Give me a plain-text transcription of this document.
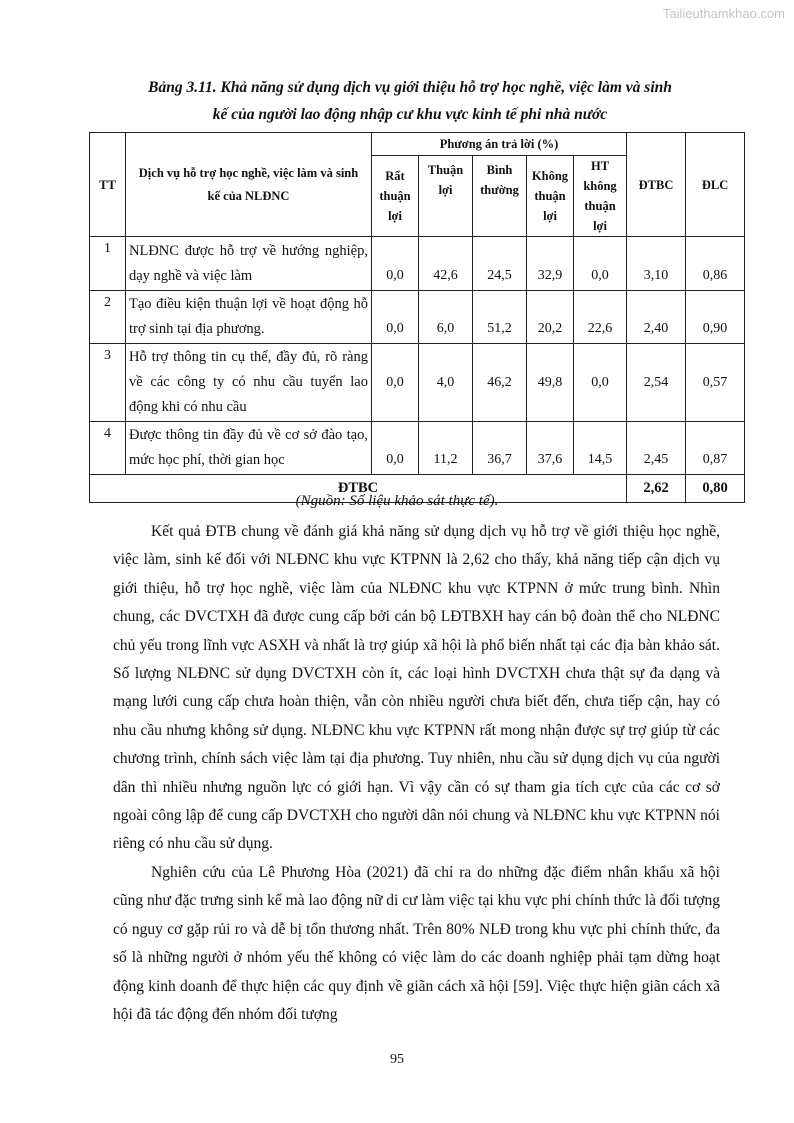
Tailieuthamkhao.com
Bảng 3.11. Khả năng sử dụng dịch vụ giới thiệu hỗ trợ học nghề, việc làm và sinh
kế của người lao động nhập cư khu vực kinh tế phi nhà nước
TT	Dịch vụ hỗ trợ học nghề, việc làm và sinh kế của NLĐNC	Phương án trả lời (%)					ĐTBC	ĐLC
		Rất thuận lợi	Thuận lợi	Bình thường	Không thuận lợi	HT không thuận lợi		
1	NLĐNC được hỗ trợ về hướng nghiệp, dạy nghề và việc làm	0,0	42,6	24,5	32,9	0,0	3,10	0,86
2	Tạo điều kiện thuận lợi về hoạt động hỗ trợ sinh tại địa phương.	0,0	6,0	51,2	20,2	22,6	2,40	0,90
3	Hỗ trợ thông tin cụ thể, đầy đủ, rõ ràng về các công ty có nhu cầu tuyển lao động khi có nhu cầu	0,0	4,0	46,2	49,8	0,0	2,54	0,57
4	Được thông tin đầy đủ về cơ sở đào tạo, mức học phí, thời gian học	0,0	11,2	36,7	37,6	14,5	2,45	0,87
ĐTBC							2,62	0,80
(Nguồn: Số liệu khảo sát thực tế).

Kết quả ĐTB chung về đánh giá khả năng sử dụng dịch vụ hỗ trợ về giới thiệu học nghề, việc làm, sinh kế đối với NLĐNC khu vực KTPNN là 2,62 cho thấy, khả năng tiếp cận dịch vụ giới thiệu, hỗ trợ học nghề, việc làm của NLĐNC khu vực KTPNN ở mức trung bình. Nhìn chung, các DVCTXH đã được cung cấp bởi cán bộ LĐTBXH hay cán bộ đoàn thể cho NLĐNC chủ yếu trong lĩnh vực ASXH và nhất là trợ giúp xã hội là phổ biến nhất tại các địa bàn khảo sát. Số lượng NLĐNC sử dụng DVCTXH còn ít, các loại hình DVCTXH chưa thật sự đa dạng và mạng lưới cung cấp chưa hoàn thiện, vẫn còn nhiều người chưa biết đến, chưa tiếp cận, hay có nhu cầu nhưng không sử dụng. NLĐNC khu vực KTPNN rất mong nhận được sự trợ giúp từ các chương trình, chính sách việc làm tại địa phương. Tuy nhiên, nhu cầu sử dụng dịch vụ của người dân thì nhiều nhưng nguồn lực có giới hạn. Vì vậy cần có sự tham gia tích cực của các cơ sở ngoài công lập để cung cấp DVCTXH cho người dân nói chung và NLĐNC khu vực KTPNN nói riêng có nhu cầu sử dụng.

Nghiên cứu của Lê Phương Hòa (2021) đã chỉ ra do những đặc điểm nhân khẩu xã hội cũng như đặc trưng sinh kế mà lao động nữ di cư làm việc tại khu vực phi chính thức là đối tượng có nguy cơ gặp rủi ro và dễ bị tổn thương nhất. Trên 80% NLĐ trong khu vực phi chính thức, đa số là những người ở nhóm yếu thế không có việc làm do các doanh nghiệp phải tạm dừng hoạt động kinh doanh để thực hiện các quy định về giãn cách xã hội [59]. Việc thực hiện giãn cách xã hội đã tác động đến nhóm đối tượng

95
